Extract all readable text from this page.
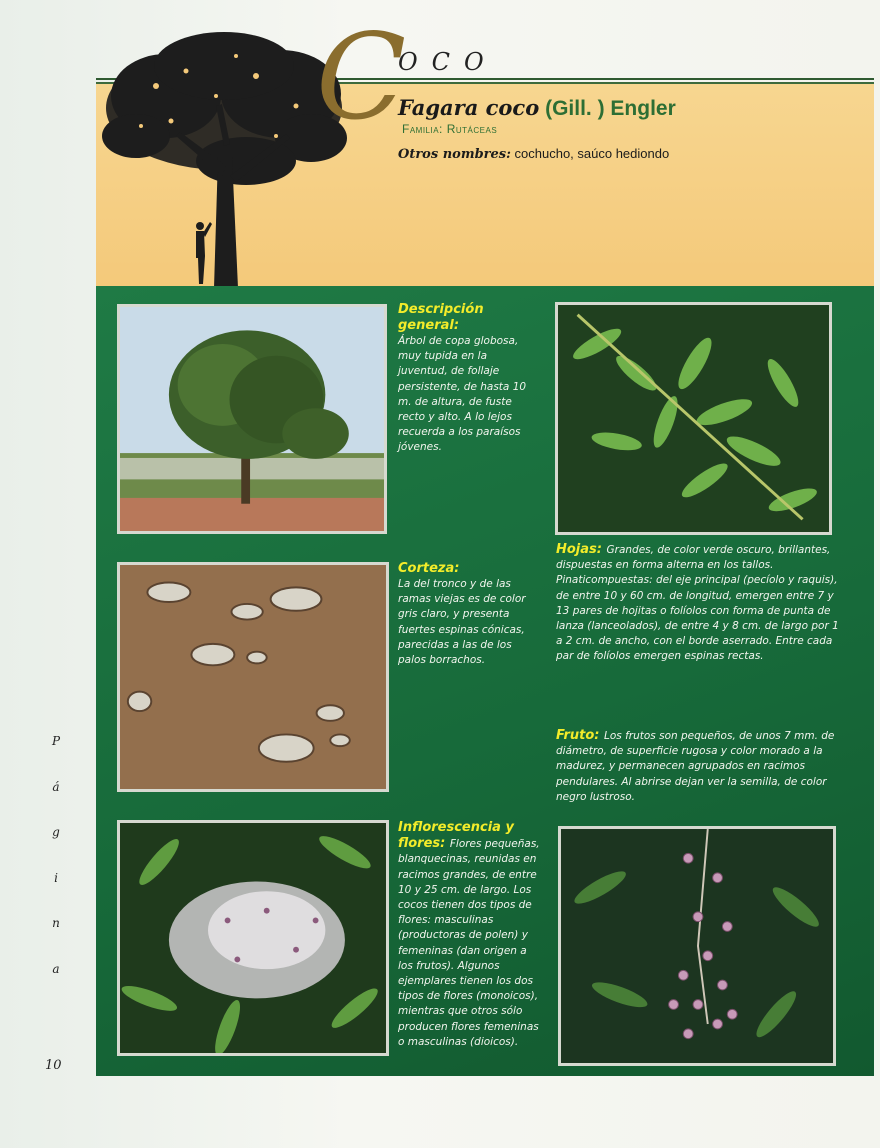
C
OCO
Fagara coco (Gill. ) Engler
Familia: Rutáceas
Otros nombres: cochucho, saúco hediondo
Descripción general:
Árbol de copa globosa, muy tupida en la juventud, de follaje persistente, de hasta 10 m. de altura, de fuste recto y alto. A lo lejos recuerda a los paraísos jóvenes.
Corteza:
La del tronco y de las ramas viejas es de color gris claro, y presenta fuertes espinas cónicas, parecidas a las de los palos borrachos.
Inflorescencia y flores: Flores pequeñas, blanquecinas, reunidas en racimos grandes, de entre 10 y 25 cm. de largo. Los cocos tienen dos tipos de flores: masculinas (productoras de polen) y femeninas (dan origen a los frutos). Algunos ejemplares tienen los dos tipos de flores (monoicos), mientras que otros sólo producen flores femeninas o masculinas (dioicos).
Hojas: Grandes, de color verde oscuro, brillantes, dispuestas en forma alterna en los tallos. Pinaticompuestas: del eje principal (pecíolo y raquis), de entre 10 y 60 cm. de longitud, emergen entre 7 y 13 pares de hojitas o folíolos con forma de punta de lanza (lanceolados), de entre 4 y 8 cm. de largo por 1 a 2 cm. de ancho, con el borde aserrado. Entre cada par de folíolos emergen espinas rectas.
Fruto: Los frutos son pequeños, de unos 7 mm. de diámetro, de superficie rugosa y color morado a la madurez, y permanecen agrupados en racimos pendulares. Al abrirse dejan ver la semilla, de color negro lustroso.
P
á
g
i
n
a
10
